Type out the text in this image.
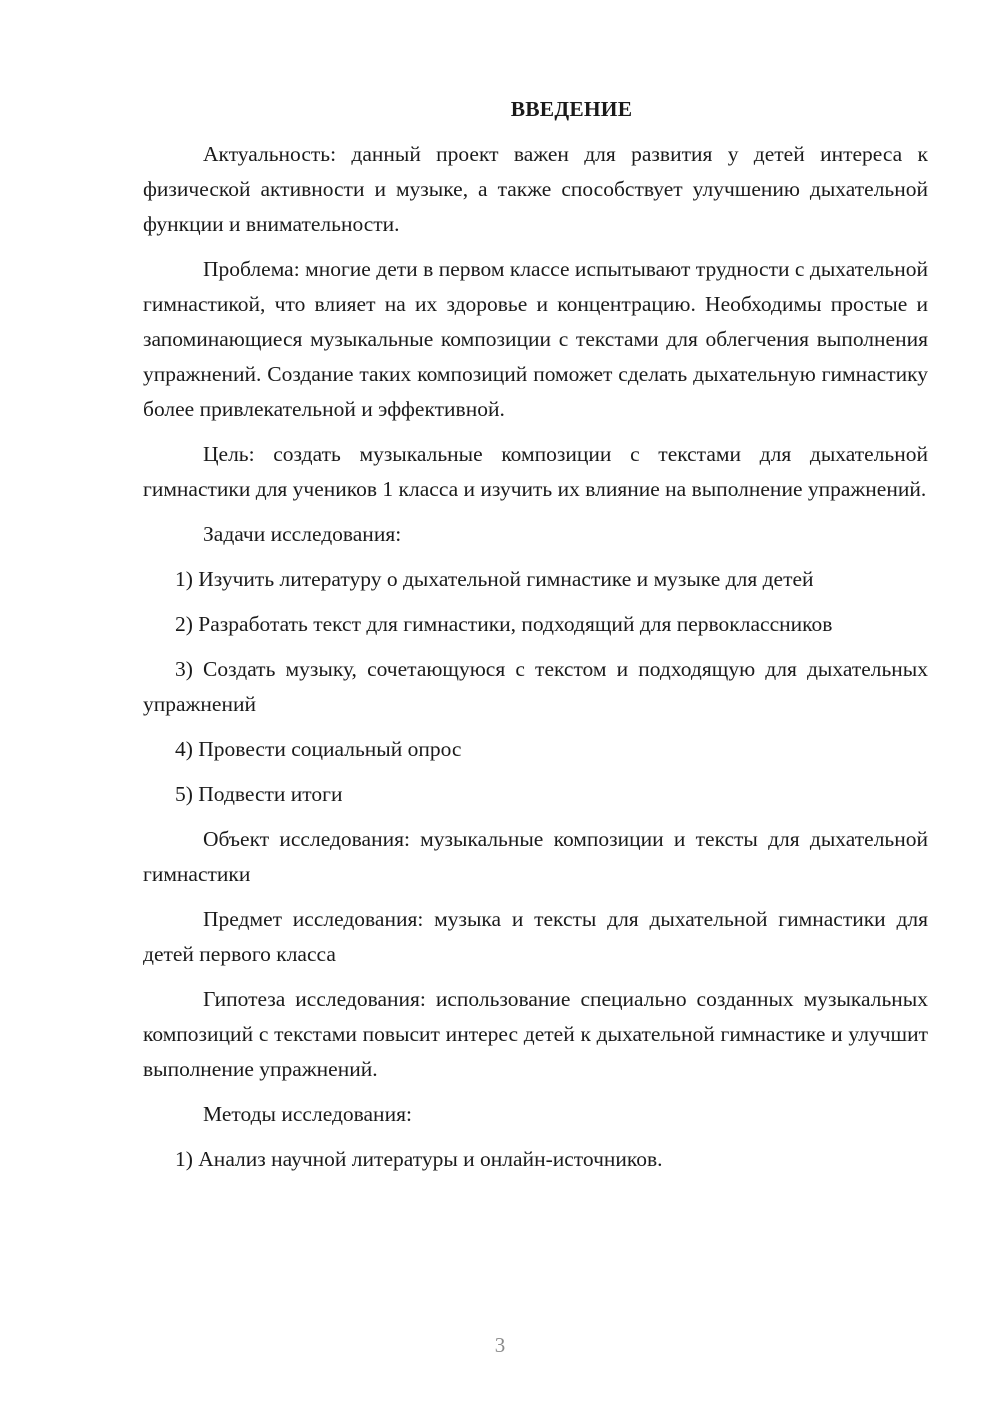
ВВЕДЕНИЕ

Актуальность: данный проект важен для развития у детей интереса к физической активности и музыке, а также способствует улучшению дыхательной функции и внимательности.

Проблема: многие дети в первом классе испытывают трудности с дыхательной гимнастикой, что влияет на их здоровье и концентрацию. Необходимы простые и запоминающиеся музыкальные композиции с текстами для облегчения выполнения упражнений. Создание таких композиций поможет сделать дыхательную гимнастику более привлекательной и эффективной.

Цель: создать музыкальные композиции с текстами для дыхательной гимнастики для учеников 1 класса и изучить их влияние на выполнение упражнений.

Задачи исследования:

1) Изучить литературу о дыхательной гимнастике и музыке для детей

2) Разработать текст для гимнастики, подходящий для первоклассников

3) Создать музыку, сочетающуюся с текстом и подходящую для дыхательных упражнений

4) Провести социальный опрос

5) Подвести итоги

Объект исследования: музыкальные композиции и тексты для дыхательной гимнастики

Предмет исследования: музыка и тексты для дыхательной гимнастики для детей первого класса

Гипотеза исследования: использование специально созданных музыкальных композиций с текстами повысит интерес детей к дыхательной гимнастике и улучшит выполнение упражнений.

Методы исследования:

1) Анализ научной литературы и онлайн-источников.

3
